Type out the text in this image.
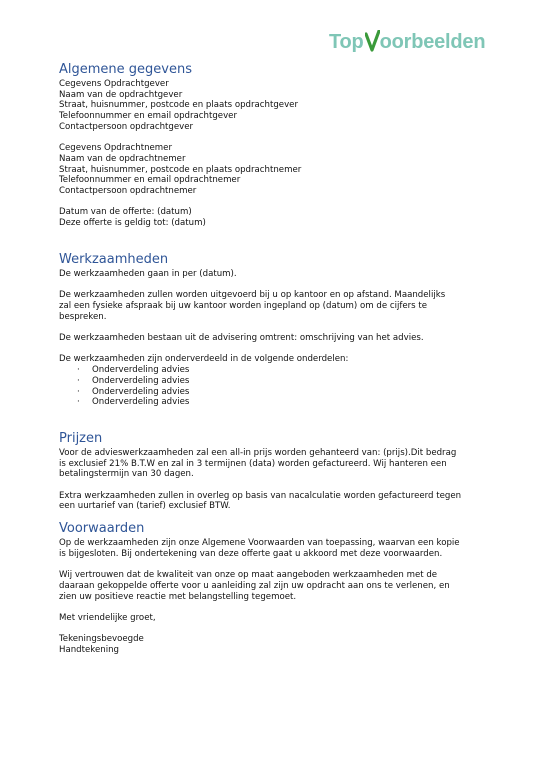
Top oorbeelden
Algemene gegevens

Cegevens Opdrachtgever

Naam van de opdrachtgever

Straat, huisnummer, postcode en plaats opdrachtgever

Telefoonnummer en email opdrachtgever

Contactpersoon opdrachtgever

Cegevens Opdrachtnemer

Naam van de opdrachtnemer

Straat, huisnummer, postcode en plaats opdrachtnemer

Telefoonnummer en email opdrachtnemer

Contactpersoon opdrachtnemer

Datum van de offerte: (datum)

Deze offerte is geldig tot: (datum)

Werkzaamheden

De werkzaamheden gaan in per (datum).

De werkzaamheden zullen worden uitgevoerd bij u op kantoor en op afstand. Maandelijks

zal een fysieke afspraak bij uw kantoor worden ingepland op (datum) om de cijfers te

bespreken.

De werkzaamheden bestaan uit de advisering omtrent: omschrijving van het advies.

De werkzaamheden zijn onderverdeeld in de volgende onderdelen:

· Onderverdeling advies
· Onderverdeling advies
· Onderverdeling advies
· Onderverdeling advies
Prijzen

Voor de advieswerkzaamheden zal een all-in prijs worden gehanteerd van: (prijs).Dit bedrag

is exclusief 21% B.T.W en zal in 3 termijnen (data) worden gefactureerd. Wij hanteren een

betalingstermijn van 30 dagen.

Extra werkzaamheden zullen in overleg op basis van nacalculatie worden gefactureerd tegen

een uurtarief van (tarief) exclusief BTW.

Voorwaarden

Op de werkzaamheden zijn onze Algemene Voorwaarden van toepassing, waarvan een kopie

is bijgesloten. Bij ondertekening van deze offerte gaat u akkoord met deze voorwaarden.

Wij vertrouwen dat de kwaliteit van onze op maat aangeboden werkzaamheden met de

daaraan gekoppelde offerte voor u aanleiding zal zijn uw opdracht aan ons te verlenen, en

zien uw positieve reactie met belangstelling tegemoet.

Met vriendelijke groet,

Tekeningsbevoegde

Handtekening
